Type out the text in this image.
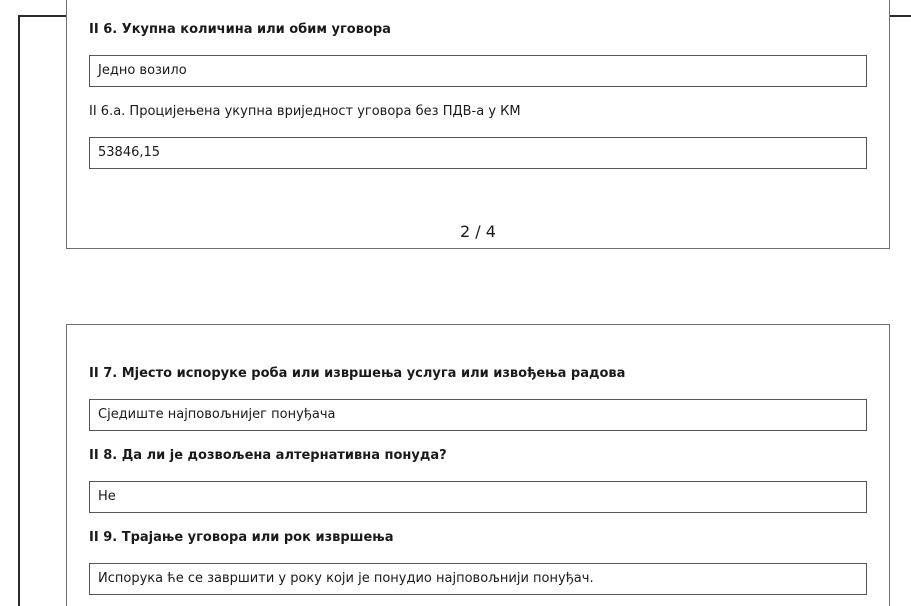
II 6. Укупна количина или обим уговора
Једно возило
II 6.а. Процијењена укупна вриједност уговора без ПДВ-а у КМ
53846,15
2 / 4
II 7. Мјесто испоруке роба или извршења услуга или извођења радова
Сједиште најповољнијег понуђача
II 8. Да ли је дозвољена алтернативна понуда?
Не
II 9. Трајање уговора или рок извршења
Испорука ће се завршити у року који је понудио најповољнији понуђач.
